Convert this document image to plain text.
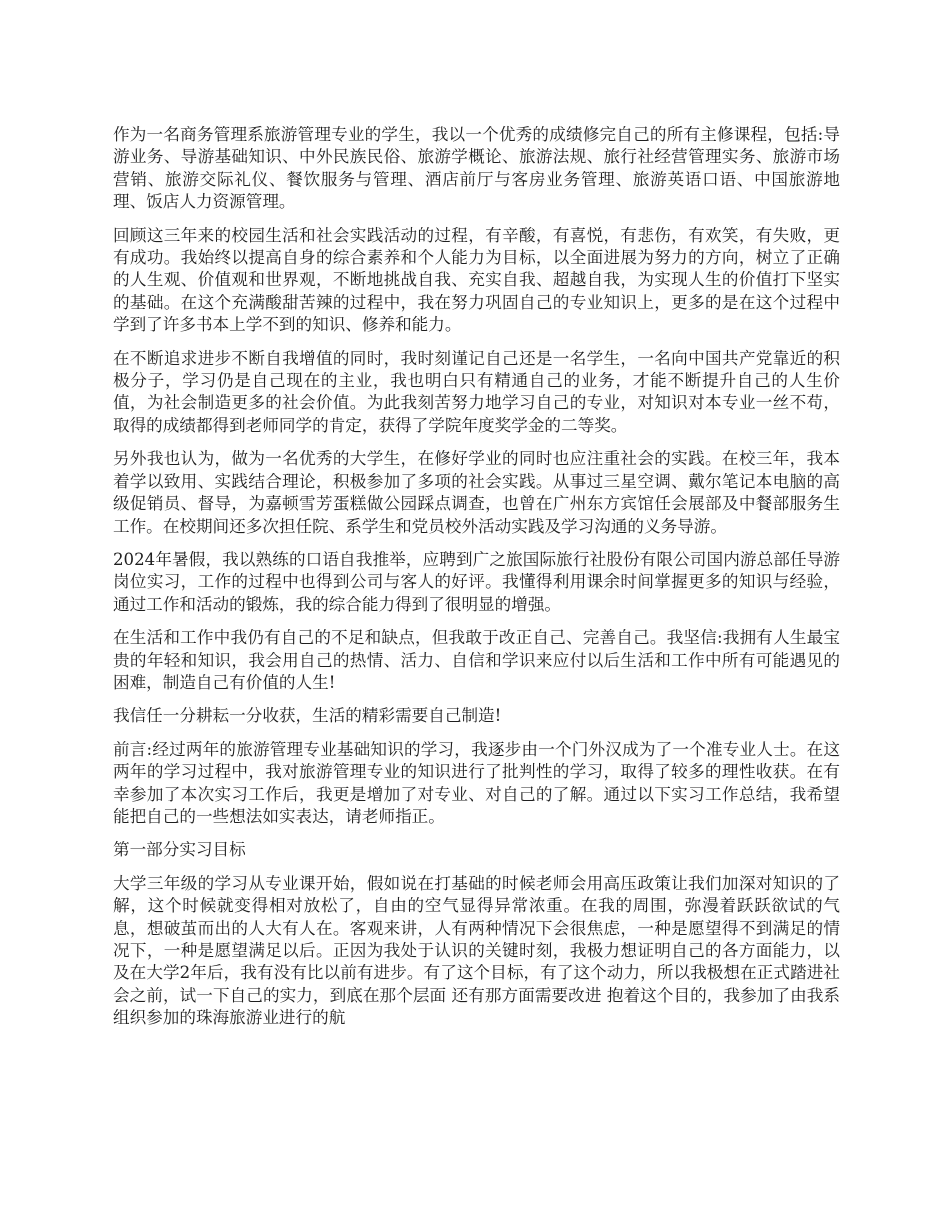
作为一名商务管理系旅游管理专业的学生，我以一个优秀的成绩修完自己的所有主修课程，包括:导游业务、导游基础知识、中外民族民俗、旅游学概论、旅游法规、旅行社经营管理实务、旅游市场营销、旅游交际礼仪、餐饮服务与管理、酒店前厅与客房业务管理、旅游英语口语、中国旅游地理、饭店人力资源管理。

回顾这三年来的校园生活和社会实践活动的过程，有辛酸，有喜悦，有悲伤，有欢笑，有失败，更有成功。我始终以提高自身的综合素养和个人能力为目标，以全面进展为努力的方向，树立了正确的人生观、价值观和世界观，不断地挑战自我、充实自我、超越自我，为实现人生的价值打下坚实的基础。在这个充满酸甜苦辣的过程中，我在努力巩固自己的专业知识上，更多的是在这个过程中学到了许多书本上学不到的知识、修养和能力。

在不断追求进步不断自我增值的同时，我时刻谨记自己还是一名学生，一名向中国共产党靠近的积极分子，学习仍是自己现在的主业，我也明白只有精通自己的业务，才能不断提升自己的人生价值，为社会制造更多的社会价值。为此我刻苦努力地学习自己的专业，对知识对本专业一丝不苟，取得的成绩都得到老师同学的肯定，获得了学院年度奖学金的二等奖。

另外我也认为，做为一名优秀的大学生，在修好学业的同时也应注重社会的实践。在校三年，我本着学以致用、实践结合理论，积极参加了多项的社会实践。从事过三星空调、戴尔笔记本电脑的高级促销员、督导，为嘉顿雪芳蛋糕做公园踩点调查，也曾在广州东方宾馆任会展部及中餐部服务生工作。在校期间还多次担任院、系学生和党员校外活动实践及学习沟通的义务导游。

2024年暑假，我以熟练的口语自我推举，应聘到广之旅国际旅行社股份有限公司国内游总部任导游岗位实习，工作的过程中也得到公司与客人的好评。我懂得利用课余时间掌握更多的知识与经验，通过工作和活动的锻炼，我的综合能力得到了很明显的增强。

在生活和工作中我仍有自己的不足和缺点，但我敢于改正自己、完善自己。我坚信:我拥有人生最宝贵的年轻和知识，我会用自己的热情、活力、自信和学识来应付以后生活和工作中所有可能遇见的困难，制造自己有价值的人生!

我信任一分耕耘一分收获，生活的精彩需要自己制造!

前言:经过两年的旅游管理专业基础知识的学习，我逐步由一个门外汉成为了一个准专业人士。在这两年的学习过程中，我对旅游管理专业的知识进行了批判性的学习，取得了较多的理性收获。在有幸参加了本次实习工作后，我更是增加了对专业、对自己的了解。通过以下实习工作总结，我希望能把自己的一些想法如实表达，请老师指正。

第一部分实习目标

大学三年级的学习从专业课开始，假如说在打基础的时候老师会用高压政策让我们加深对知识的了解，这个时候就变得相对放松了，自由的空气显得异常浓重。在我的周围，弥漫着跃跃欲试的气息，想破茧而出的人大有人在。客观来讲，人有两种情况下会很焦虑，一种是愿望得不到满足的情况下，一种是愿望满足以后。正因为我处于认识的关键时刻，我极力想证明自己的各方面能力，以及在大学2年后，我有没有比以前有进步。有了这个目标，有了这个动力，所以我极想在正式踏进社会之前，试一下自己的实力，到底在那个层面 还有那方面需要改进 抱着这个目的，我参加了由我系组织参加的珠海旅游业进行的航
